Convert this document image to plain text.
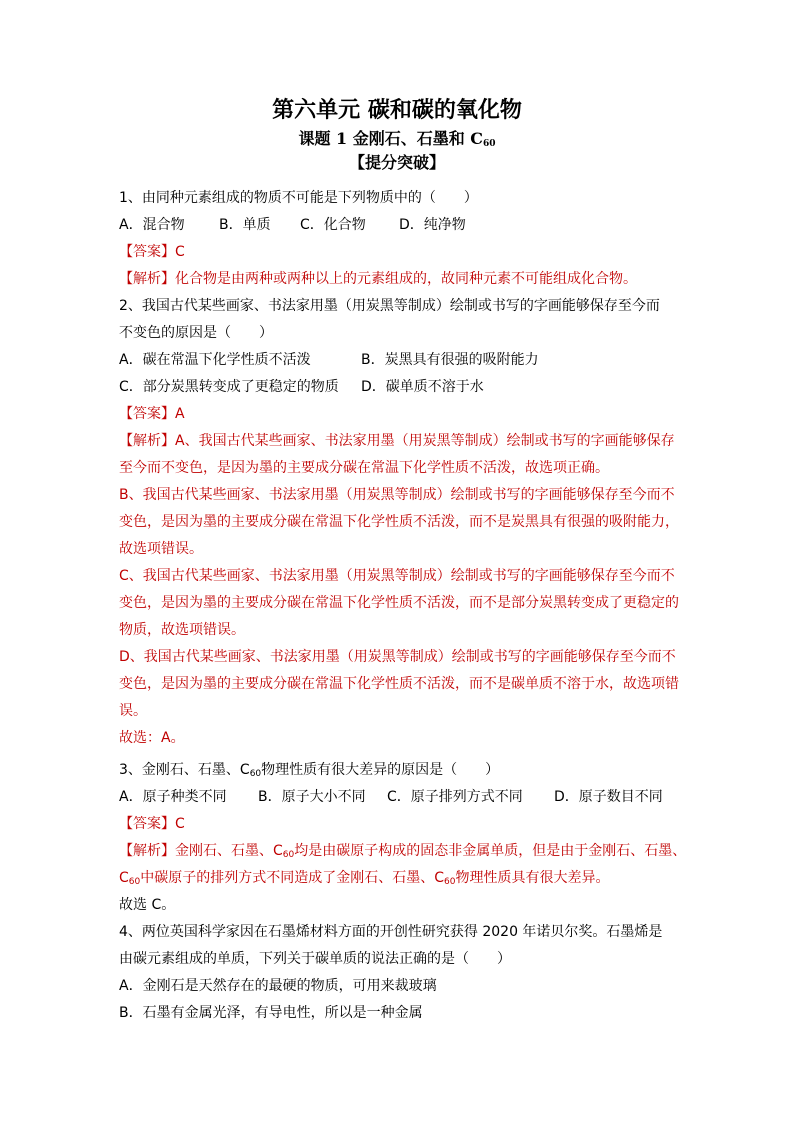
第六单元 碳和碳的氧化物
课题 1 金刚石、石墨和 $C_{60}$
【提分突破】
1、由同种元素组成的物质不可能是下列物质中的（　　）
A．混合物 B．单质 C．化合物 D．纯净物
【答案】C
【解析】化合物是由两种或两种以上的元素组成的，故同种元素不可能组成化合物。
2、我国古代某些画家、书法家用墨（用炭黑等制成）绘制或书写的字画能够保存至今而
不变色的原因是（　　）
A．碳在常温下化学性质不活泼	B．炭黑具有很强的吸附能力
C．部分炭黑转变成了更稳定的物质 D．碳单质不溶于水
【答案】A
【解析】A、我国古代某些画家、书法家用墨（用炭黑等制成）绘制或书写的字画能够保存
至今而不变色，是因为墨的主要成分碳在常温下化学性质不活泼，故选项正确。
B、我国古代某些画家、书法家用墨（用炭黑等制成）绘制或书写的字画能够保存至今而不
变色，是因为墨的主要成分碳在常温下化学性质不活泼，而不是炭黑具有很强的吸附能力，
故选项错误。
C、我国古代某些画家、书法家用墨（用炭黑等制成）绘制或书写的字画能够保存至今而不
变色，是因为墨的主要成分碳在常温下化学性质不活泼，而不是部分炭黑转变成了更稳定的
物质，故选项错误。
D、我国古代某些画家、书法家用墨（用炭黑等制成）绘制或书写的字画能够保存至今而不
变色，是因为墨的主要成分碳在常温下化学性质不活泼，而不是碳单质不溶于水，故选项错
误。
故选：A。
3、金刚石、石墨、$C_{60}$物理性质有很大差异的原因是（　　）
A．原子种类不同 B．原子大小不同 C．原子排列方式不同 D．原子数目不同
【答案】C
【解析】金刚石、石墨、$C_{60}$均是由碳原子构成的固态非金属单质，但是由于金刚石、石墨、
$C_{60}$中碳原子的排列方式不同造成了金刚石、石墨、$C_{60}$物理性质具有很大差异。
故选 C。
4、两位英国科学家因在石墨烯材料方面的开创性研究获得 2020 年诺贝尔奖。石墨烯是
由碳元素组成的单质，下列关于碳单质的说法正确的是（　　）
A．金刚石是天然存在的最硬的物质，可用来裁玻璃
B．石墨有金属光泽，有导电性，所以是一种金属
